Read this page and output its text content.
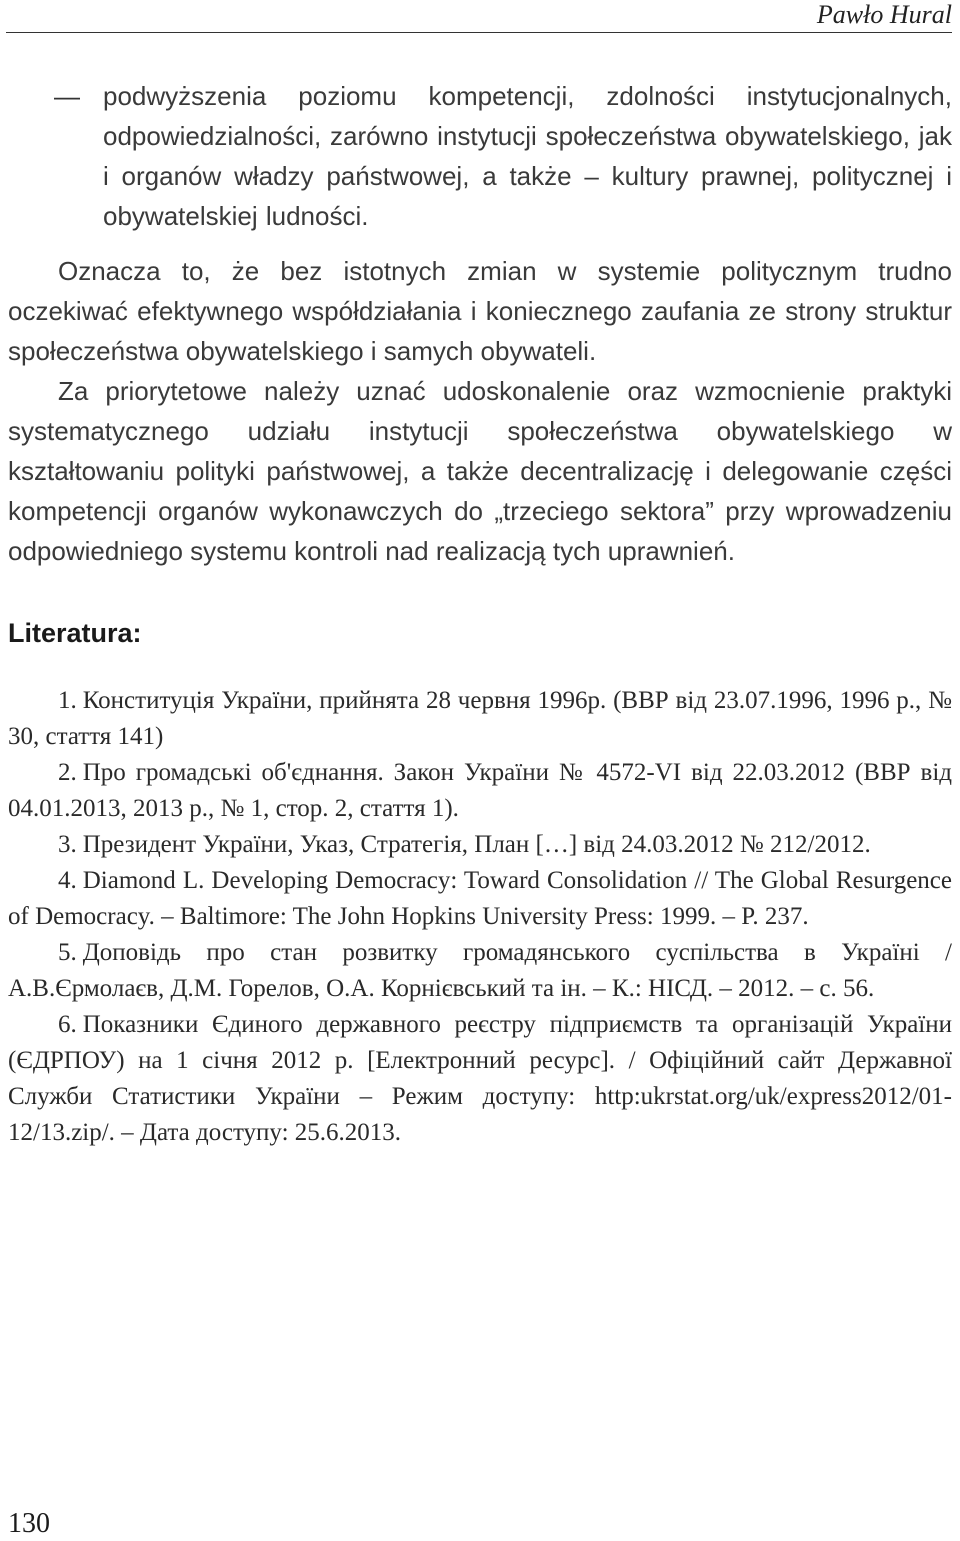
Pawło Hural
— podwyższenia poziomu kompetencji, zdolności instytucjonalnych, odpowiedzialności, zarówno instytucji społeczeństwa obywatelskiego, jak i organów władzy państwowej, a także – kultury prawnej, politycznej i obywatelskiej ludności.

Oznacza to, że bez istotnych zmian w systemie politycznym trudno oczekiwać efektywnego współdziałania i koniecznego zaufania ze strony struktur społeczeństwa obywatelskiego i samych obywateli.

Za priorytetowe należy uznać udoskonalenie oraz wzmocnienie praktyki systematycznego udziału instytucji społeczeństwa obywatelskiego w kształtowaniu polityki państwowej, a także decentralizację i delegowanie części kompetencji organów wykonawczych do „trzeciego sektora” przy wprowadzeniu odpowiedniego systemu kontroli nad realizacją tych uprawnień.

Literatura:

1. Конституція України, прийнята 28 червня 1996р. (ВВР від 23.07.1996, 1996 р., № 30, стаття 141)

2. Про громадські об'єднання. Закон України № 4572-VI від 22.03.2012 (ВВР від 04.01.2013, 2013 р., № 1, стор. 2, стаття 1).

3. Президент України, Указ, Стратегія, План […] від 24.03.2012 № 212/2012.

4. Diamond L. Developing Democracy: Toward Consolidation // The Global Resurgence of Democracy. – Baltimore: The John Hopkins University Press: 1999. – P. 237.

5. Доповідь про стан розвитку громадянського суспільства в Україні / А.В.Єрмолаєв, Д.М. Горелов, О.А. Корнієвський та ін. – К.: НІСД. – 2012. – с. 56.

6. Показники Єдиного державного реєстру підприємств та організацій України (ЄДРПОУ) на 1 січня 2012 р. [Електронний ресурс]. / Офіційний сайт Державної Служби Статистики України – Режим доступу: http:ukrstat.org/uk/express2012/01-12/13.zip/. – Дата доступу: 25.6.2013.

130
